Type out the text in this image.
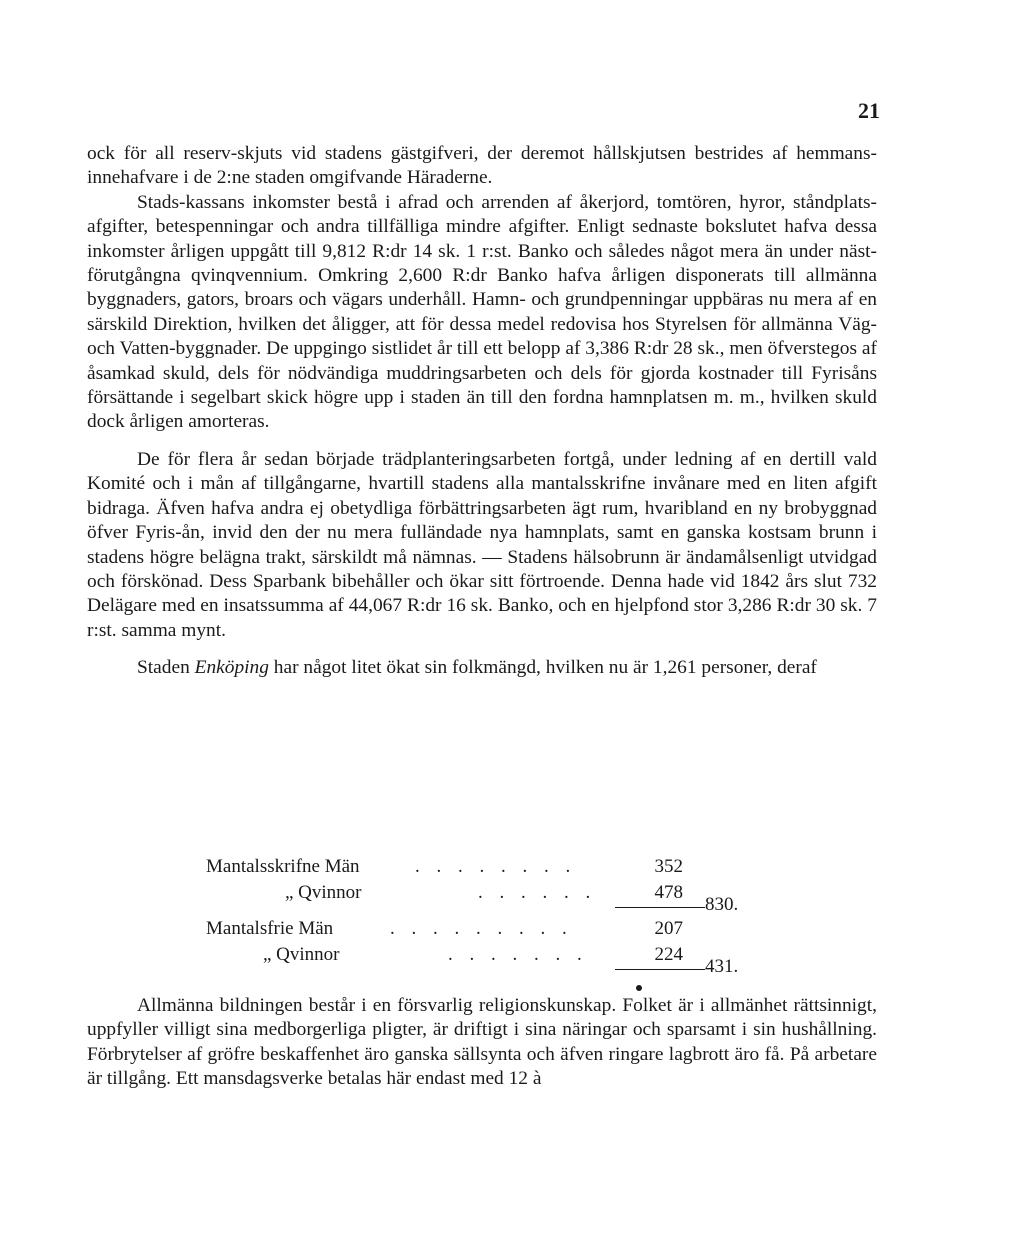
21

ock för all reserv-skjuts vid stadens gästgifveri, der deremot hållskjutsen bestrides af hemmans-innehafvare i de 2:ne staden omgifvande Häraderne.

Stads-kassans inkomster bestå i afrad och arrenden af åkerjord, tomtören, hyror, ståndplats-afgifter, betespenningar och andra tillfälliga mindre afgifter. Enligt sednaste bokslutet hafva dessa inkomster årligen uppgått till 9,812 R:dr 14 sk. 1 r:st. Banko och således något mera än under näst-förutgångna qvinqvennium. Omkring 2,600 R:dr Banko hafva årligen disponerats till allmänna byggnaders, gators, broars och vägars underhåll. Hamn- och grundpenningar uppbäras nu mera af en särskild Direktion, hvilken det åligger, att för dessa medel redovisa hos Styrelsen för allmänna Väg- och Vatten-byggnader. De uppgingo sistlidet år till ett belopp af 3,386 R:dr 28 sk., men öfverstegos af åsamkad skuld, dels för nödvändiga muddringsarbeten och dels för gjorda kostnader till Fyrisåns försättande i segelbart skick högre upp i staden än till den fordna hamnplatsen m. m., hvilken skuld dock årligen amorteras.

De för flera år sedan började trädplanteringsarbeten fortgå, under ledning af en dertill vald Komité och i mån af tillgångarne, hvartill stadens alla mantalsskrifne invånare med en liten afgift bidraga. Äfven hafva andra ej obetydliga förbättringsarbeten ägt rum, hvaribland en ny brobyggnad öfver Fyris-ån, invid den der nu mera fulländade nya hamnplats, samt en ganska kostsam brunn i stadens högre belägna trakt, särskildt må nämnas. — Stadens hälsobrunn är ändamålsenligt utvidgad och förskönad. Dess Sparbank bibehåller och ökar sitt förtroende. Denna hade vid 1842 års slut 732 Delägare med en insatssumma af 44,067 R:dr 16 sk. Banko, och en hjelpfond stor 3,286 R:dr 30 sk. 7 r:st. samma mynt.

Staden Enköping har något litet ökat sin folkmängd, hvilken nu är 1,261 personer, deraf

Mantalsskrifne Män	. . . . . . . .	352
„ Qvinnor	. . . . . .	478
830.
Mantalsfrie Män	. . . . . . . . .	207
„ Qvinnor	. . . . . . .	224
431.

Allmänna bildningen består i en försvarlig religionskunskap. Folket är i allmänhet rättsinnigt, uppfyller villigt sina medborgerliga pligter, är driftigt i sina näringar och sparsamt i sin hushållning. Förbrytelser af gröfre beskaffenhet äro ganska sällsynta och äfven ringare lagbrott äro få. På arbetare är tillgång. Ett mansdagsverke betalas här endast med 12 à
